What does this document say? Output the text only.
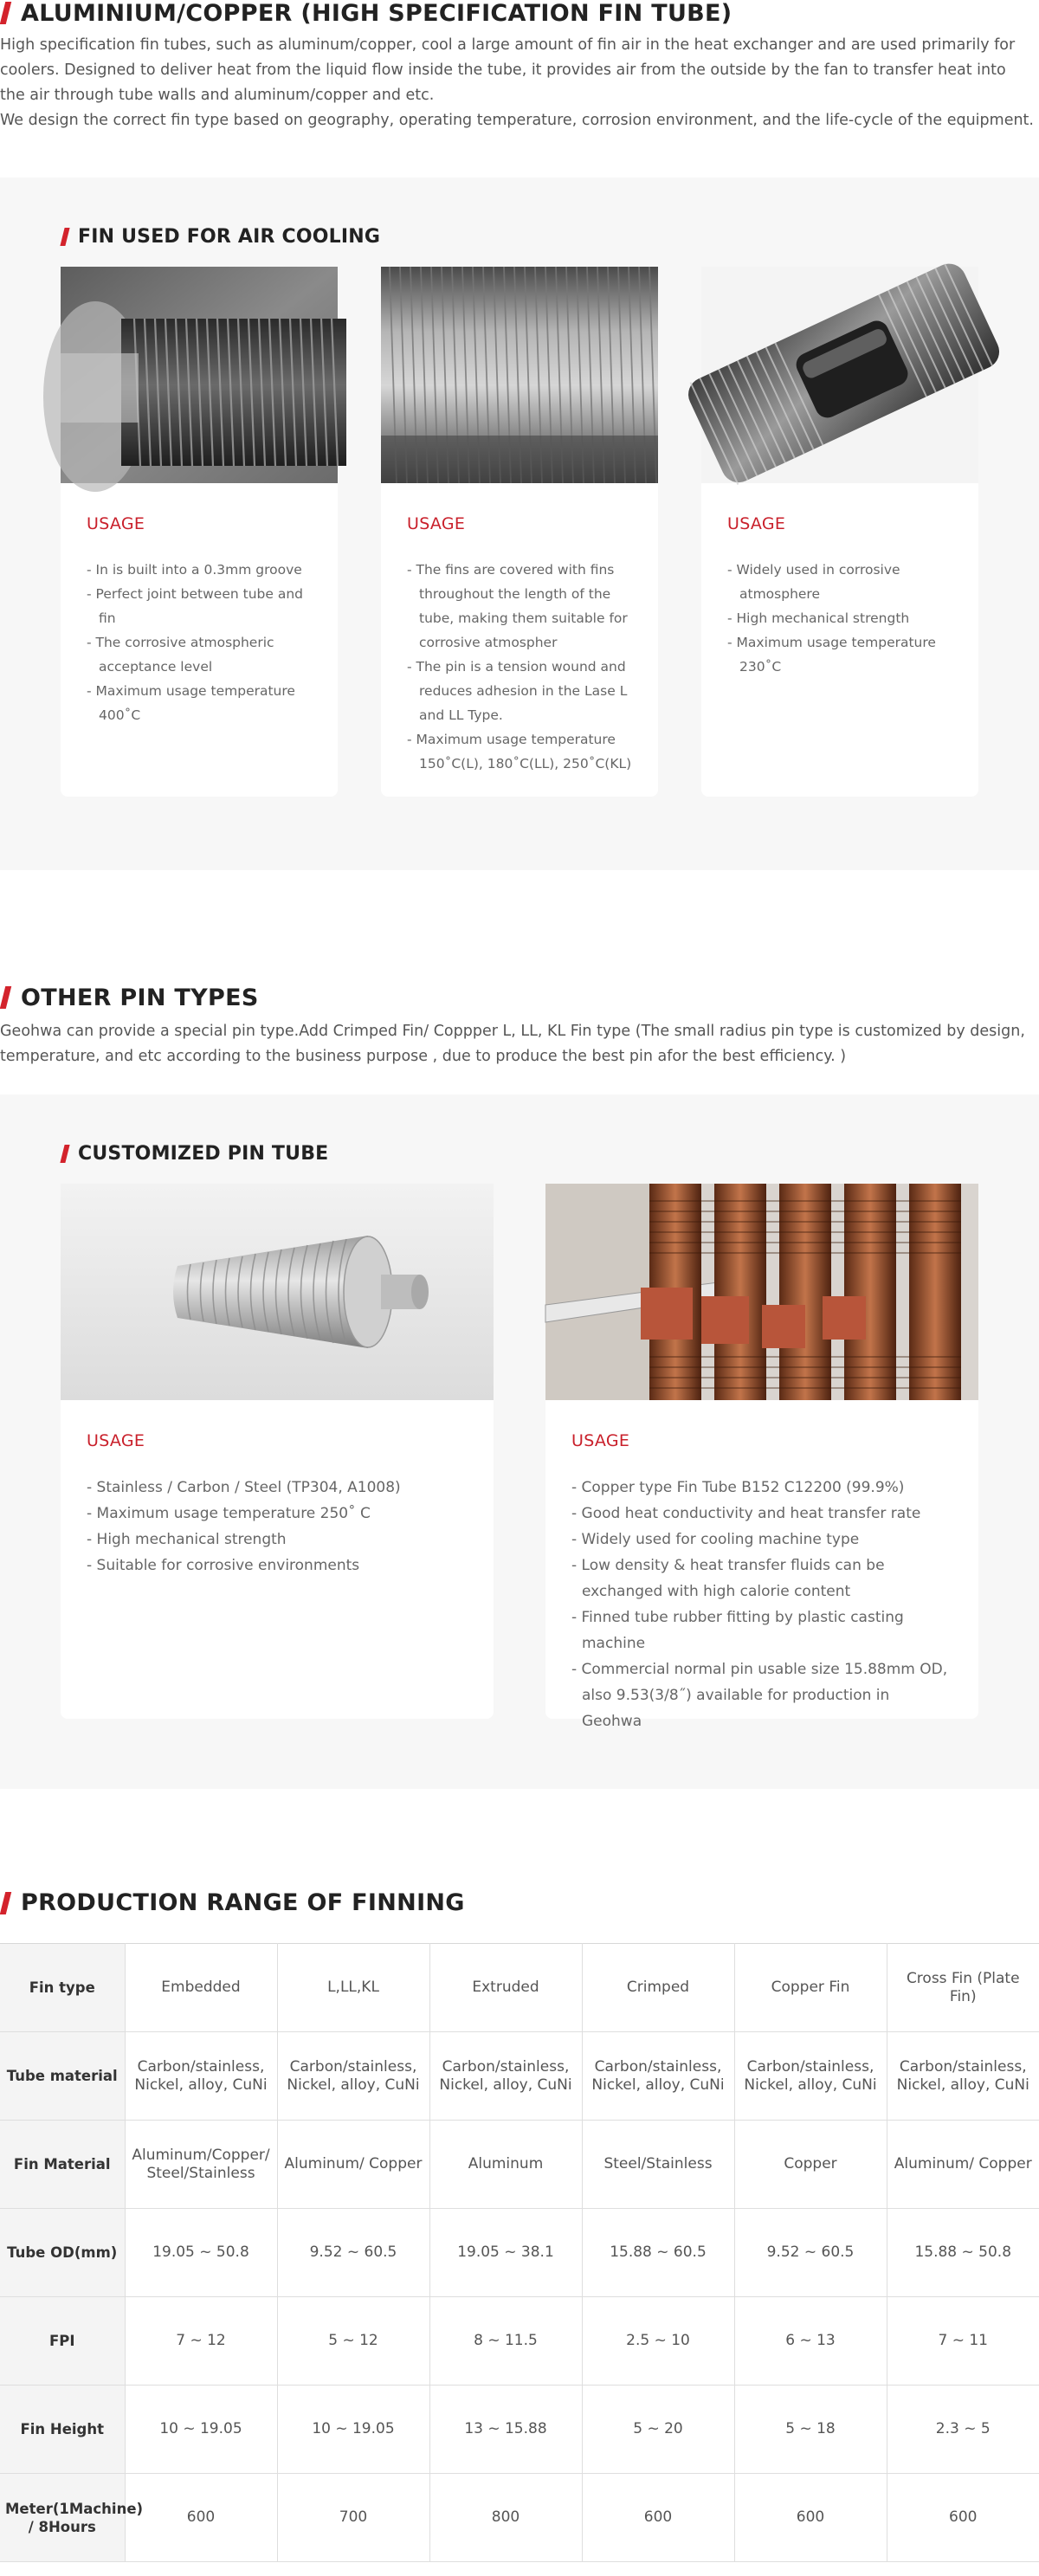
ALUMINIUM/COPPER (HIGH SPECIFICATION FIN TUBE)
High specification fin tubes, such as aluminum/copper, cool a large amount of fin air in the heat exchanger and are used primarily for
coolers. Designed to deliver heat from the liquid flow inside the tube, it provides air from the outside by the fan to transfer heat into
the air through tube walls and aluminum/copper and etc.
We design the correct fin type based on geography, operating temperature, corrosion environment, and the life-cycle of the equipment.
FIN USED FOR AIR COOLING
USAGE
- In is built into a 0.3mm groove
- Perfect joint between tube and fin
- The corrosive atmospheric acceptance level
- Maximum usage temperature 400˚C
USAGE
- The fins are covered with fins throughout the length of the tube, making them suitable for corrosive atmospher
- The pin is a tension wound and reduces adhesion in the Lase L and LL Type.
- Maximum usage temperature 150˚C(L), 180˚C(LL), 250˚C(KL)
USAGE
- Widely used in corrosive atmosphere
- High mechanical strength
- Maximum usage temperature 230˚C
OTHER PIN TYPES
Geohwa can provide a special pin type.Add Crimped Fin/ Coppper L, LL, KL Fin type (The small radius pin type is customized by design,
temperature, and etc according to the business purpose , due to produce the best pin afor the best efficiency. )
CUSTOMIZED PIN TUBE
USAGE
- Stainless / Carbon / Steel (TP304, A1008)
- Maximum usage temperature 250˚ C
- High mechanical strength
- Suitable for corrosive environments
USAGE
- Copper type Fin Tube B152 C12200 (99.9%)
- Good heat conductivity and heat transfer rate
- Widely used for cooling machine type
- Low density & heat transfer fluids can be exchanged with high calorie content
- Finned tube rubber fitting by plastic casting machine
- Commercial normal pin usable size 15.88mm OD, also 9.53(3/8˝) available for production in Geohwa
PRODUCTION RANGE OF FINNING
Fin type	Embedded	L,LL,KL	Extruded	Crimped	Copper Fin	Cross Fin (Plate Fin)
Tube material	Carbon/stainless, Nickel, alloy, CuNi	Carbon/stainless, Nickel, alloy, CuNi	Carbon/stainless, Nickel, alloy, CuNi	Carbon/stainless, Nickel, alloy, CuNi	Carbon/stainless, Nickel, alloy, CuNi	Carbon/stainless, Nickel, alloy, CuNi
Fin Material	Aluminum/Copper/ Steel/Stainless	Aluminum/ Copper	Aluminum	Steel/Stainless	Copper	Aluminum/ Copper
Tube OD(mm)	19.05 ~ 50.8	9.52 ~ 60.5	19.05 ~ 38.1	15.88 ~ 60.5	9.52 ~ 60.5	15.88 ~ 50.8
FPI	7 ~ 12	5 ~ 12	8 ~ 11.5	2.5 ~ 10	6 ~ 13	7 ~ 11
Fin Height	10 ~ 19.05	10 ~ 19.05	13 ~ 15.88	5 ~ 20	5 ~ 18	2.3 ~ 5
Meter(1Machine) / 8Hours	600	700	800	600	600	600
